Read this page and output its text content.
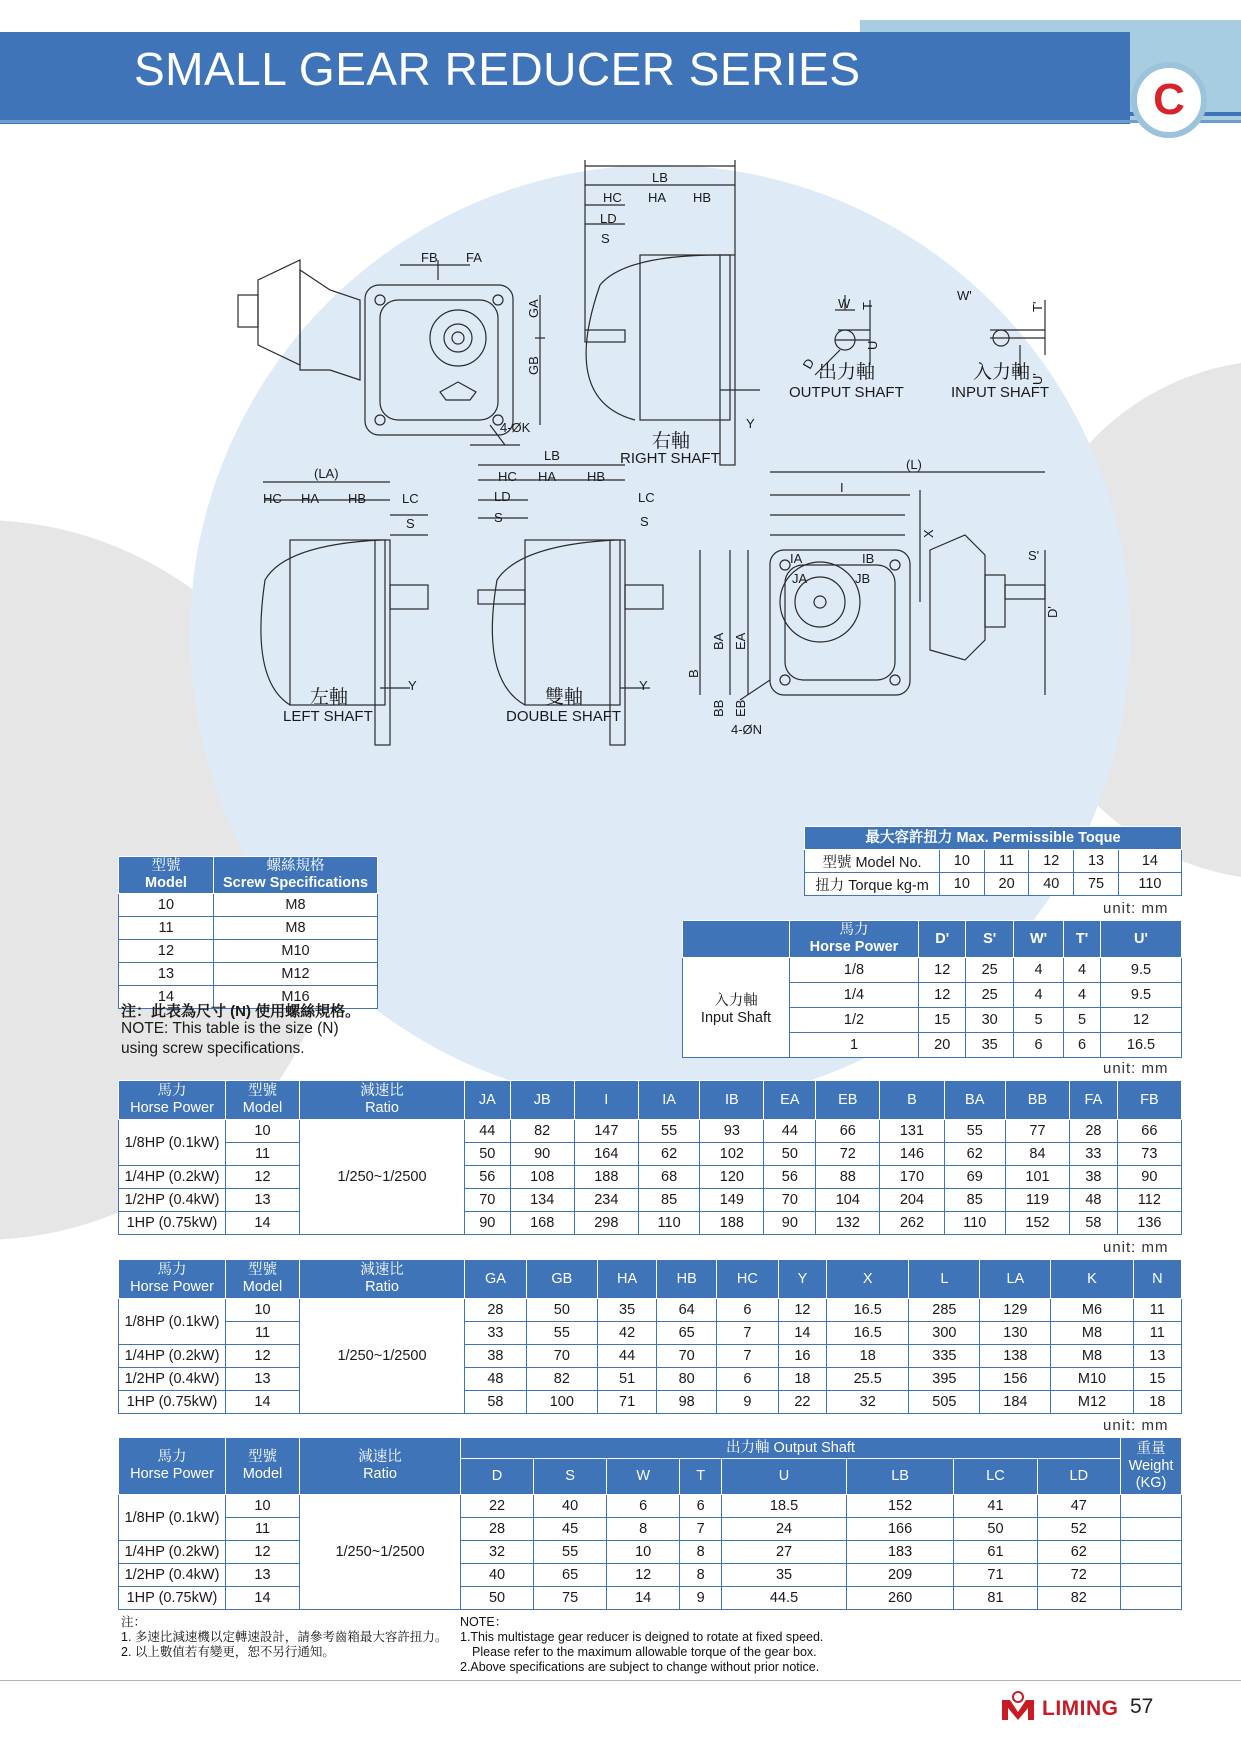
SMALL GEAR REDUCER SERIES
C
LB
HC HA HB
LD
S
FB FA
GA
GB
4-ØK	Y
W T
U
D
W'
T'
U'
(LA)
HC HA HB	LC
S
Y
LB
HC HA HB
LD
S
LC
S
Y
(L)
I
IA	IB
JA	JB
X
S'
D'
BA EA
BB EB
B
4-ØN
右軸
出力軸	入力軸
左軸	雙軸
RIGHT SHAFT
OUTPUT SHAFT	INPUT SHAFT
LEFT SHAFT	DOUBLE SHAFT
最大容許扭力 Max. Permissible Toque					
型號 Model No.	10	11	12	13	14
扭力 Torque kg-m	10	20	40	75	110
unit: mm
型號
Model	螺絲規格
Screw Specifications
10	M8
11	M8
12	M10
13	M12
14	M16
注：此表為尺寸 (N) 使用螺絲規格。
NOTE: This table is the size (N)
using screw specifications.
	馬力
Horse Power	D'	S'	W'	T'	U'
入力軸
Input Shaft	1/8	12	25	4	4	9.5
	1/4	12	25	4	4	9.5
	1/2	15	30	5	5	12
	1	20	35	6	6	16.5
unit: mm
馬力
Horse Power	型號
Model	減速比
Ratio	JA	JB	I	IA	IB	EA	EB	B	BA	BB	FA	FB
1/8HP (0.1kW)	10	1/250~1/2500	44	82	147	55	93	44	66	131	55	77	28	66
	11		50	90	164	62	102	50	72	146	62	84	33	73
1/4HP (0.2kW)	12		56	108	188	68	120	56	88	170	69	101	38	90
1/2HP (0.4kW)	13		70	134	234	85	149	70	104	204	85	119	48	112
1HP (0.75kW)	14		90	168	298	110	188	90	132	262	110	152	58	136
unit: mm
馬力
Horse Power	型號
Model	減速比
Ratio	GA	GB	HA	HB	HC	Y	X	L	LA	K	N
1/8HP (0.1kW)	10	1/250~1/2500	28	50	35	64	6	12	16.5	285	129	M6	11
	11		33	55	42	65	7	14	16.5	300	130	M8	11
1/4HP (0.2kW)	12		38	70	44	70	7	16	18	335	138	M8	13
1/2HP (0.4kW)	13		48	82	51	80	6	18	25.5	395	156	M10	15
1HP (0.75kW)	14		58	100	71	98	9	22	32	505	184	M12	18
unit: mm
馬力
Horse Power	型號
Model	減速比
Ratio	出力軸 Output Shaft								重量
Weight
(KG)
			D	S	W	T	U	LB	LC	LD	
1/8HP (0.1kW)	10	1/250~1/2500	22	40	6	6	18.5	152	41	47	
	11		28	45	8	7	24	166	50	52	
1/4HP (0.2kW)	12		32	55	10	8	27	183	61	62	
1/2HP (0.4kW)	13		40	65	12	8	35	209	71	72	
1HP (0.75kW)	14		50	75	14	9	44.5	260	81	82	
注：
1. 多速比減速機以定轉速設計，請參考齒箱最大容許扭力。
2. 以上數值若有變更，恕不另行通知。
NOTE：
1.This multistage gear reducer is deigned to rotate at fixed speed.
Please refer to the maximum allowable torque of the gear box.
2.Above specifications are subject to change without prior notice.
LIMING 57
